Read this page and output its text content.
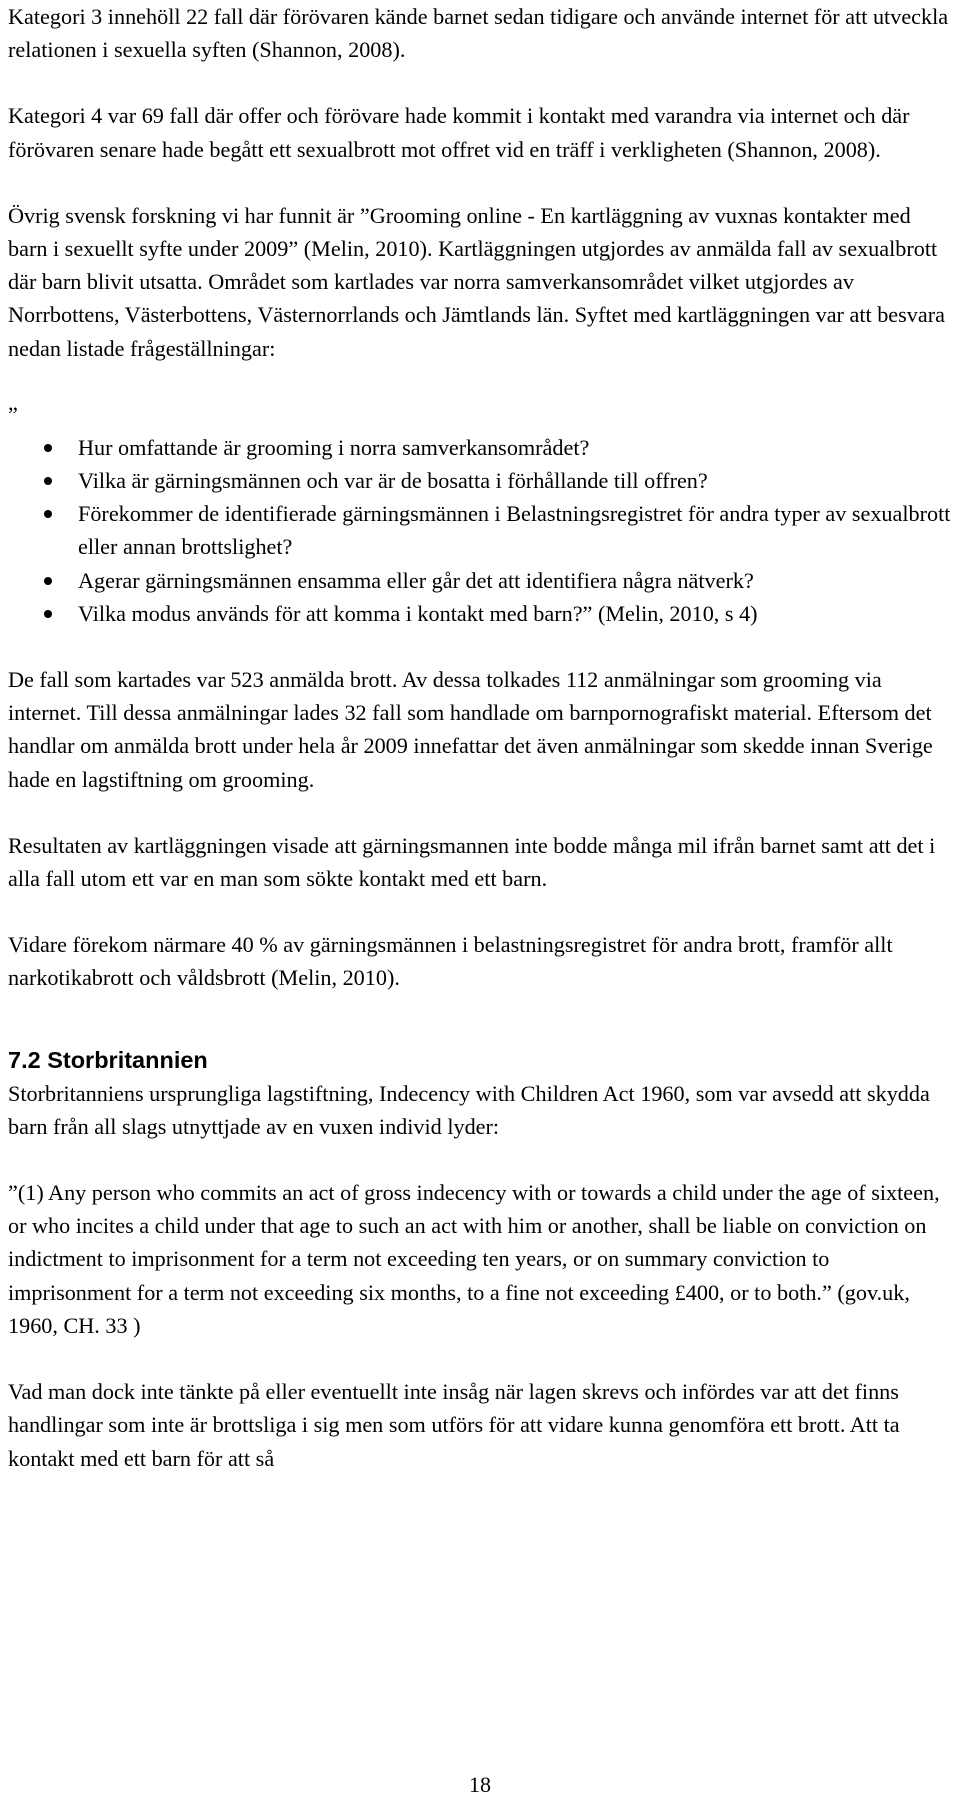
Kategori 3 innehöll 22 fall där förövaren kände barnet sedan tidigare och använde internet för att utveckla relationen i sexuella syften (Shannon, 2008).

Kategori 4 var 69 fall där offer och förövare hade kommit i kontakt med varandra via internet och där förövaren senare hade begått ett sexualbrott mot offret vid en träff i verkligheten (Shannon, 2008).

Övrig svensk forskning vi har funnit är ”Grooming online - En kartläggning av vuxnas kontakter med barn i sexuellt syfte under 2009” (Melin, 2010). Kartläggningen utgjordes av anmälda fall av sexualbrott där barn blivit utsatta. Området som kartlades var norra samverkansområdet vilket utgjordes av Norrbottens, Västerbottens, Västernorrlands och Jämtlands län. Syftet med kartläggningen var att besvara nedan listade frågeställningar:

”
Hur omfattande är grooming i norra samverkansområdet?
Vilka är gärningsmännen och var är de bosatta i förhållande till offren?
Förekommer de identifierade gärningsmännen i Belastningsregistret för andra typer av sexualbrott eller annan brottslighet?
Agerar gärningsmännen ensamma eller går det att identifiera några nätverk?
Vilka modus används för att komma i kontakt med barn?” (Melin, 2010, s 4)

De fall som kartades var 523 anmälda brott. Av dessa tolkades 112 anmälningar som grooming via internet. Till dessa anmälningar lades 32 fall som handlade om barnpornografiskt material. Eftersom det handlar om anmälda brott under hela år 2009 innefattar det även anmälningar som skedde innan Sverige hade en lagstiftning om grooming.

Resultaten av kartläggningen visade att gärningsmannen inte bodde många mil ifrån barnet samt att det i alla fall utom ett var en man som sökte kontakt med ett barn.

Vidare förekom närmare 40 % av gärningsmännen i belastningsregistret för andra brott, framför allt narkotikabrott och våldsbrott (Melin, 2010).

7.2 Storbritannien

Storbritanniens ursprungliga lagstiftning, Indecency with Children Act 1960, som var avsedd att skydda barn från all slags utnyttjade av en vuxen individ lyder:

”(1) Any person who commits an act of gross indecency with or towards a child under the age of sixteen, or who incites a child under that age to such an act with him or another, shall be liable on conviction on indictment to imprisonment for a term not exceeding ten years, or on summary conviction to imprisonment for a term not exceeding six months, to a fine not exceeding £400, or to both.” (gov.uk, 1960, CH. 33 )

Vad man dock inte tänkte på eller eventuellt inte insåg när lagen skrevs och infördes var att det finns handlingar som inte är brottsliga i sig men som utförs för att vidare kunna genomföra ett brott. Att ta kontakt med ett barn för att så

18
